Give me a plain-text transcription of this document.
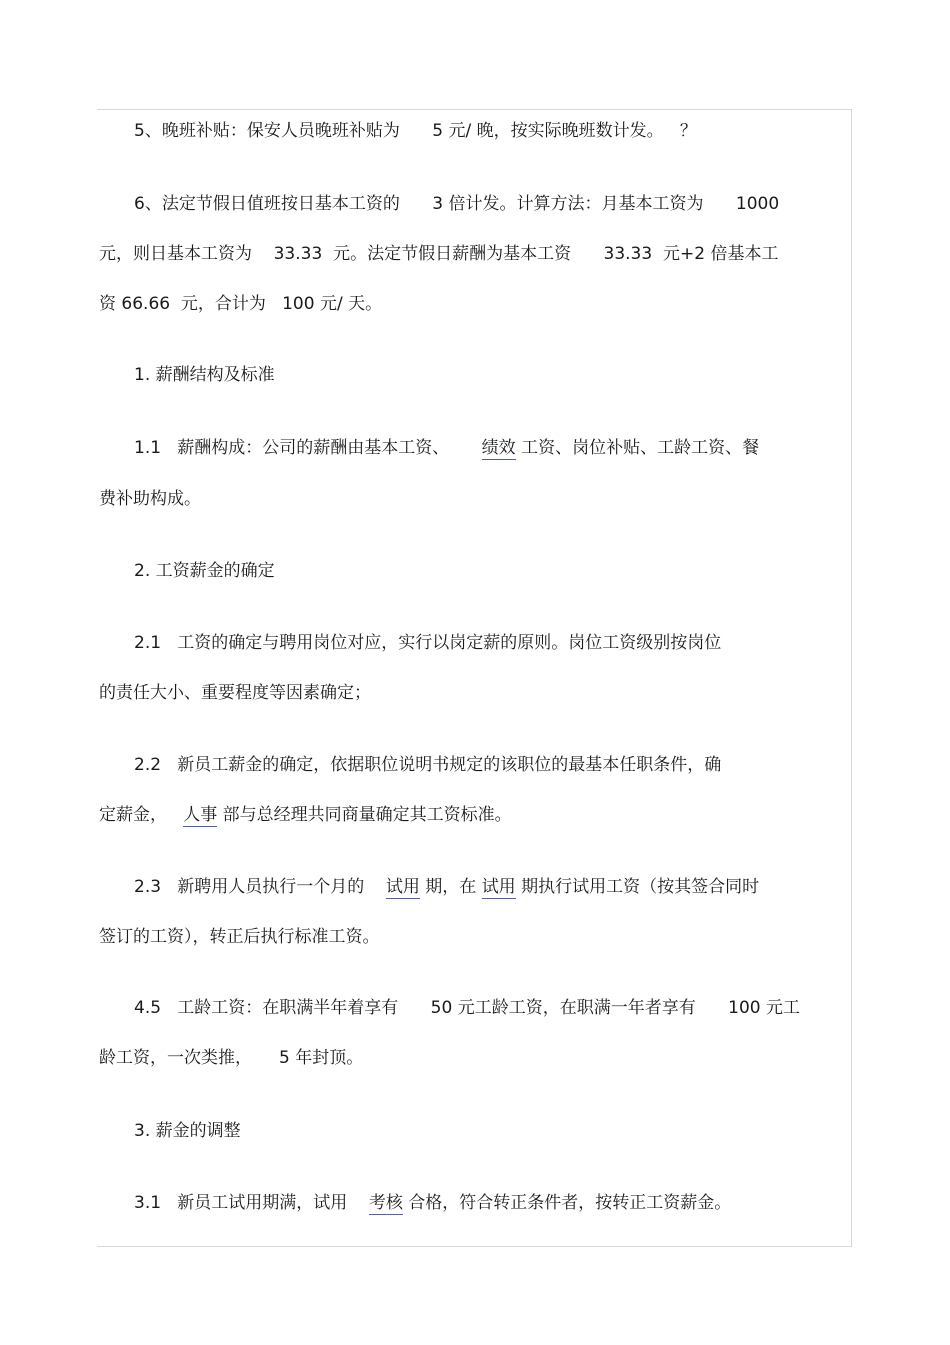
5、晚班补贴：保安人员晚班补贴为      5 元/ 晚，按实际晚班数计发。   ？
6、法定节假日值班按日基本工资的      3 倍计发。计算方法：月基本工资为      1000
元，则日基本工资为    33.33  元。法定节假日薪酬为基本工资      33.33  元+2 倍基本工
资 66.66  元，合计为   100 元/ 天。
1. 薪酬结构及标准
1.1   薪酬构成：公司的薪酬由基本工资、      绩效 工资、岗位补贴、工龄工资、餐
费补助构成。
2. 工资薪金的确定
2.1   工资的确定与聘用岗位对应，实行以岗定薪的原则。岗位工资级别按岗位
的责任大小、重要程度等因素确定；
2.2   新员工薪金的确定，依据职位说明书规定的该职位的最基本任职条件，确
定薪金，   人事 部与总经理共同商量确定其工资标准。
2.3   新聘用人员执行一个月的    试用 期，在 试用 期执行试用工资（按其签合同时
签订的工资），转正后执行标准工资。
4.5   工龄工资：在职满半年着享有      50 元工龄工资，在职满一年者享有      100 元工
龄工资，一次类推，     5 年封顶。
3. 薪金的调整
3.1   新员工试用期满，试用    考核 合格，符合转正条件者，按转正工资薪金。
